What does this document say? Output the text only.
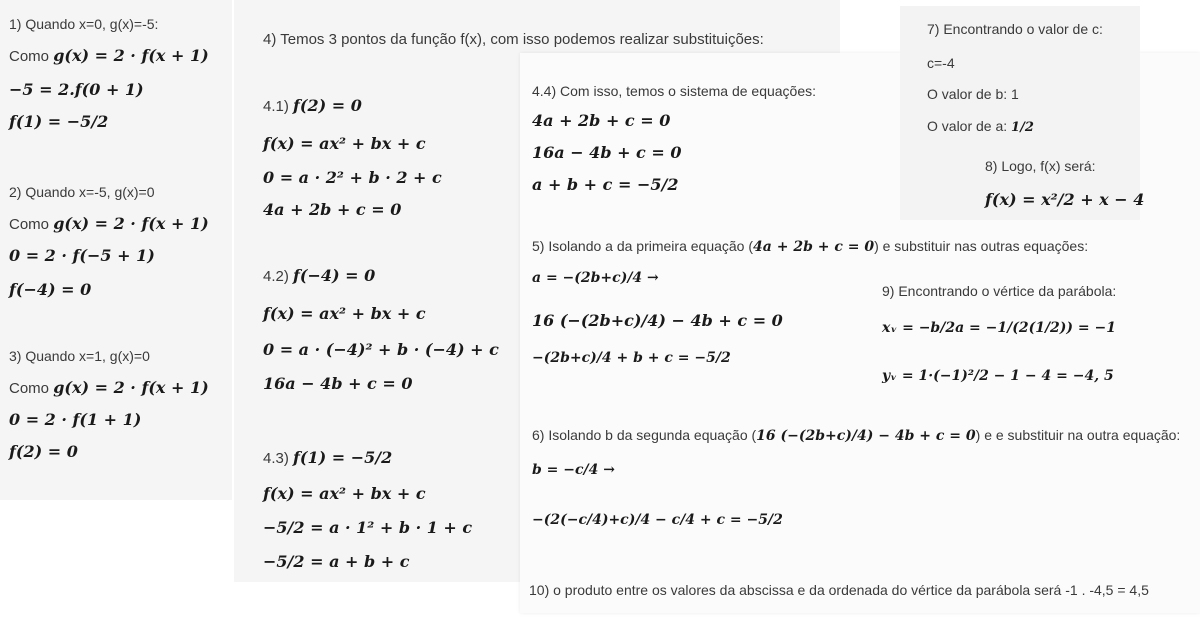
1) Quando x=0, g(x)=-5:
Como g(x) = 2 · f(x + 1)
−5 = 2.f(0 + 1)
f(1) = −5/2
2) Quando x=-5, g(x)=0
Como g(x) = 2 · f(x + 1)
0 = 2 · f(−5 + 1)
f(−4) = 0
3) Quando x=1, g(x)=0
Como g(x) = 2 · f(x + 1)
0 = 2 · f(1 + 1)
f(2) = 0
4) Temos 3 pontos da função f(x), com isso podemos realizar substituições:
4.1) f(2) = 0
f(x) = ax² + bx + c
0 = a · 2² + b · 2 + c
4a + 2b + c = 0
4.2) f(−4) = 0
f(x) = ax² + bx + c
0 = a · (−4)² + b · (−4) + c
16a − 4b + c = 0
4.3) f(1) = −5/2
f(x) = ax² + bx + c
−5/2 = a · 1² + b · 1 + c
−5/2 = a + b + c
4.4) Com isso, temos o sistema de equações:
4a + 2b + c = 0
16a − 4b + c = 0
a + b + c = −5/2
5) Isolando a da primeira equação (4a + 2b + c = 0) e substituir nas outras equações:
a = −(2b+c)/4 →
16 (−(2b+c)/4) − 4b + c = 0
−(2b+c)/4 + b + c = −5/2
6) Isolando b da segunda equação (16 (−(2b+c)/4) − 4b + c = 0) e e substituir na outra equação:
b = −c/4 →
−(2(−c/4)+c)/4 − c/4 + c = −5/2
9) Encontrando o vértice da parábola:
xᵥ = −b/2a = −1/(2(1/2)) = −1
yᵥ = 1·(−1)²/2 − 1 − 4 = −4, 5
10) o produto entre os valores da abscissa e da ordenada do vértice da parábola será -1 . -4,5 = 4,5
7) Encontrando o valor de c:
c=-4
O valor de b: 1
O valor de a: 1/2
8) Logo, f(x) será:
f(x) = x²/2 + x − 4
